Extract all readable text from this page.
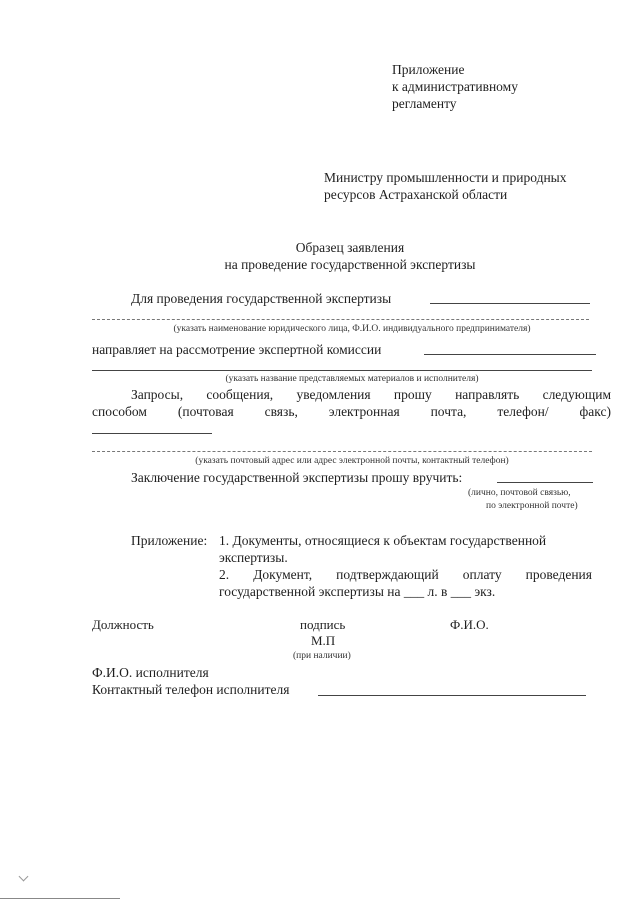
Приложение
к административному
регламенту
Министру промышленности и природных
ресурсов Астраханской области
Образец заявления
на проведение государственной экспертизы
Для проведения государственной экспертизы
(указать наименование юридического лица, Ф.И.О. индивидуального предпринимателя)
направляет на рассмотрение экспертной комиссии
(указать название представляемых материалов и исполнителя)
Запросы, сообщения, уведомления прошу направлять следующим
способом (почтовая связь, электронная почта, телефон/ факс)
(указать почтовый адрес или адрес электронной почты, контактный телефон)
Заключение государственной экспертизы прошу вручить:
(лично, почтовой связью,
по электронной почте)
Приложение: 1. Документы, относящиеся к объектам государственной
экспертизы.
2. Документ, подтверждающий оплату проведения
государственной экспертизы на ___ л. в ___ экз.
Должность	подпись	Ф.И.О.
М.П
(при наличии)
Ф.И.О. исполнителя
Контактный телефон исполнителя
